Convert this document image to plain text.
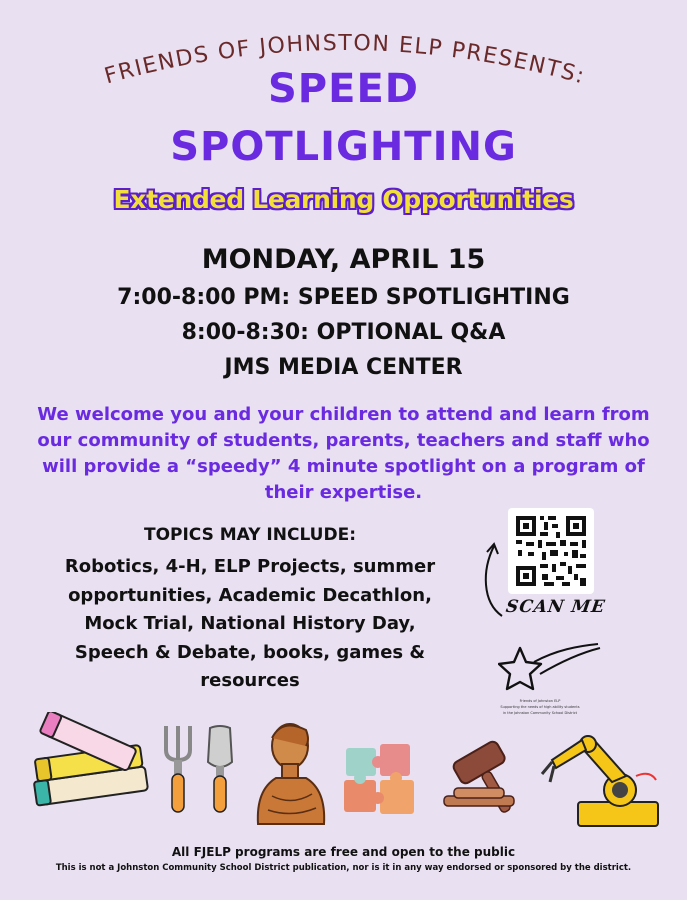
FRIENDS OF JOHNSTON ELP PRESENTS:
SPEED
SPOTLIGHTING
Extended Learning Opportunities
MONDAY, APRIL 15
7:00-8:00 PM: SPEED SPOTLIGHTING
8:00-8:30: OPTIONAL Q&A
JMS MEDIA CENTER
We welcome you and your children to attend and learn from our community of students, parents, teachers and staff who will provide a “speedy” 4 minute spotlight on a program of their expertise.
TOPICS MAY INCLUDE:
Robotics, 4-H, ELP Projects, summer
opportunities, Academic Decathlon,
Mock Trial, National History Day,
Speech & Debate, books, games &
resources
SCAN ME
Friends of Johnston ELP
Supporting the needs of high ability students
in the Johnston Community School District
All FJELP programs are free and open to the public
This is not a Johnston Community School District publication, nor is it in any way endorsed or sponsored by the district.
